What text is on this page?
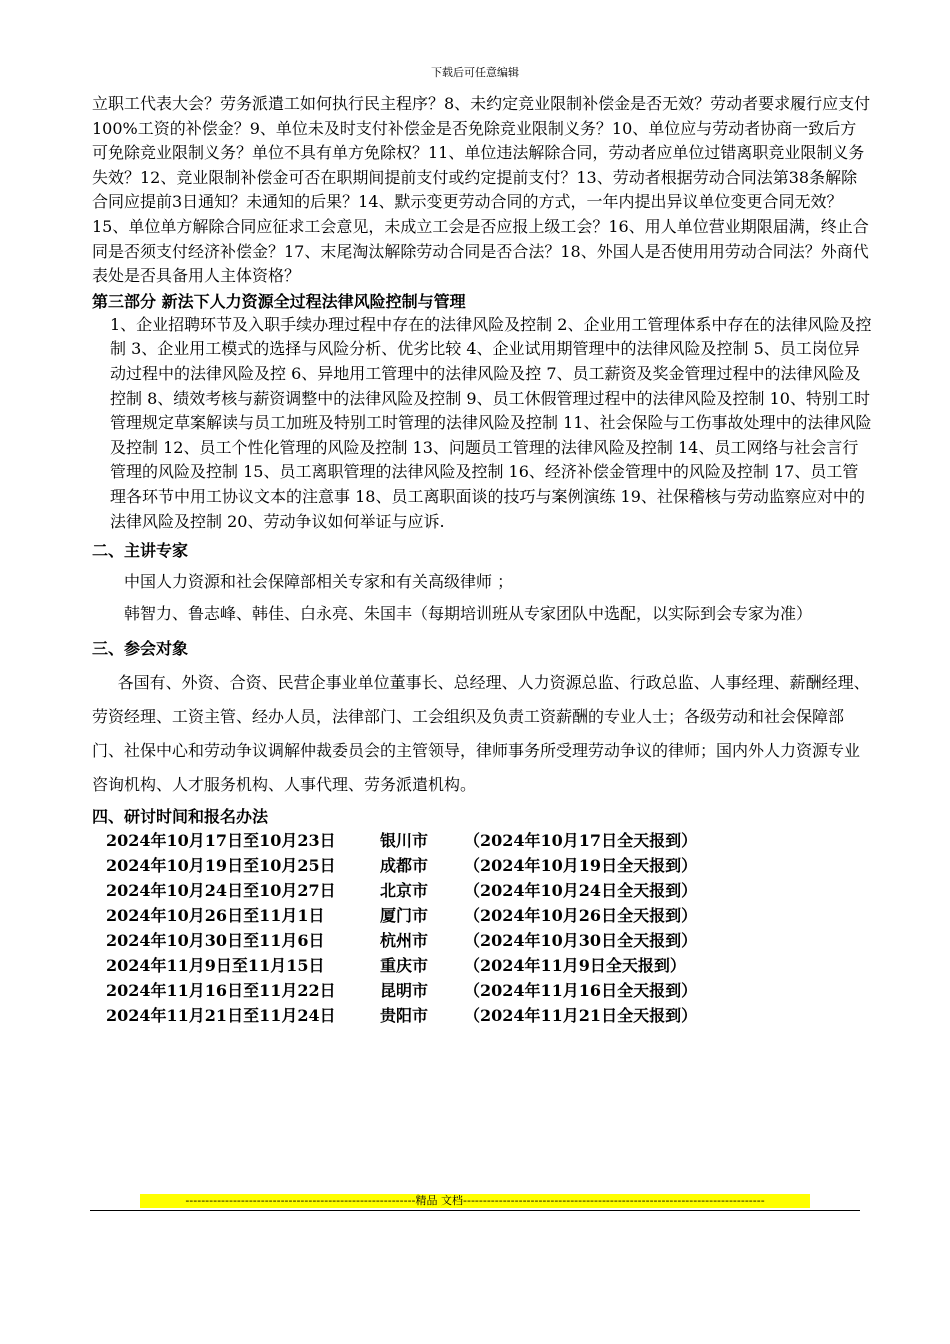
下载后可任意编辑

立职工代表大会？劳务派遣工如何执行民主程序？8、未约定竞业限制补偿金是否无效？劳动者要求履行应支付100%工资的补偿金？9、单位未及时支付补偿金是否免除竞业限制义务？10、单位应与劳动者协商一致后方可免除竞业限制义务？单位不具有单方免除权？11、单位违法解除合同，劳动者应单位过错离职竞业限制义务失效？12、竞业限制补偿金可否在职期间提前支付或约定提前支付？13、劳动者根据劳动合同法第38条解除合同应提前3日通知？未通知的后果？14、默示变更劳动合同的方式，一年内提出异议单位变更合同无效？15、单位单方解除合同应征求工会意见，未成立工会是否应报上级工会？16、用人单位营业期限届满，终止合同是否须支付经济补偿金？17、末尾淘汰解除劳动合同是否合法？18、外国人是否使用用劳动合同法？外商代表处是否具备用人主体资格？

第三部分 新法下人力资源全过程法律风险控制与管理

1、企业招聘环节及入职手续办理过程中存在的法律风险及控制 2、企业用工管理体系中存在的法律风险及控制 3、企业用工模式的选择与风险分析、优劣比较 4、企业试用期管理中的法律风险及控制 5、员工岗位异动过程中的法律风险及控 6、异地用工管理中的法律风险及控 7、员工薪资及奖金管理过程中的法律风险及控制 8、绩效考核与薪资调整中的法律风险及控制 9、员工休假管理过程中的法律风险及控制 10、特别工时管理规定草案解读与员工加班及特别工时管理的法律风险及控制 11、社会保险与工伤事故处理中的法律风险及控制 12、员工个性化管理的风险及控制 13、问题员工管理的法律风险及控制 14、员工网络与社会言行管理的风险及控制 15、员工离职管理的法律风险及控制 16、经济补偿金管理中的风险及控制 17、员工管理各环节中用工协议文本的注意事 18、员工离职面谈的技巧与案例演练 19、社保稽核与劳动监察应对中的法律风险及控制 20、劳动争议如何举证与应诉.

二、主讲专家

中国人力资源和社会保障部相关专家和有关高级律师 ；

韩智力、鲁志峰、韩佳、白永亮、朱国丰（每期培训班从专家团队中选配，以实际到会专家为准）

三、参会对象

各国有、外资、合资、民营企事业单位董事长、总经理、人力资源总监、行政总监、人事经理、薪酬经理、劳资经理、工资主管、经办人员，法律部门、工会组织及负责工资薪酬的专业人士；各级劳动和社会保障部门、社保中心和劳动争议调解仲裁委员会的主管领导，律师事务所受理劳动争议的律师；国内外人力资源专业咨询机构、人才服务机构、人事代理、劳务派遣机构。

四、研讨时间和报名办法

2024年10月17日至10月23日	银川市 （2024年10月17日全天报到）
2024年10月19日至10月25日	成都市 （2024年10月19日全天报到）
2024年10月24日至10月27日	北京市 （2024年10月24日全天报到）
2024年10月26日至11月1日	厦门市 （2024年10月26日全天报到）
2024年10月30日至11月6日	杭州市 （2024年10月30日全天报到）
2024年11月9日至11月15日	重庆市 （2024年11月9日全天报到）
2024年11月16日至11月22日	昆明市 （2024年11月16日全天报到）
2024年11月21日至11月24日	贵阳市 （2024年11月21日全天报到）
----------------------------------------------------------精品 文档----------------------------------------------------------------------------
